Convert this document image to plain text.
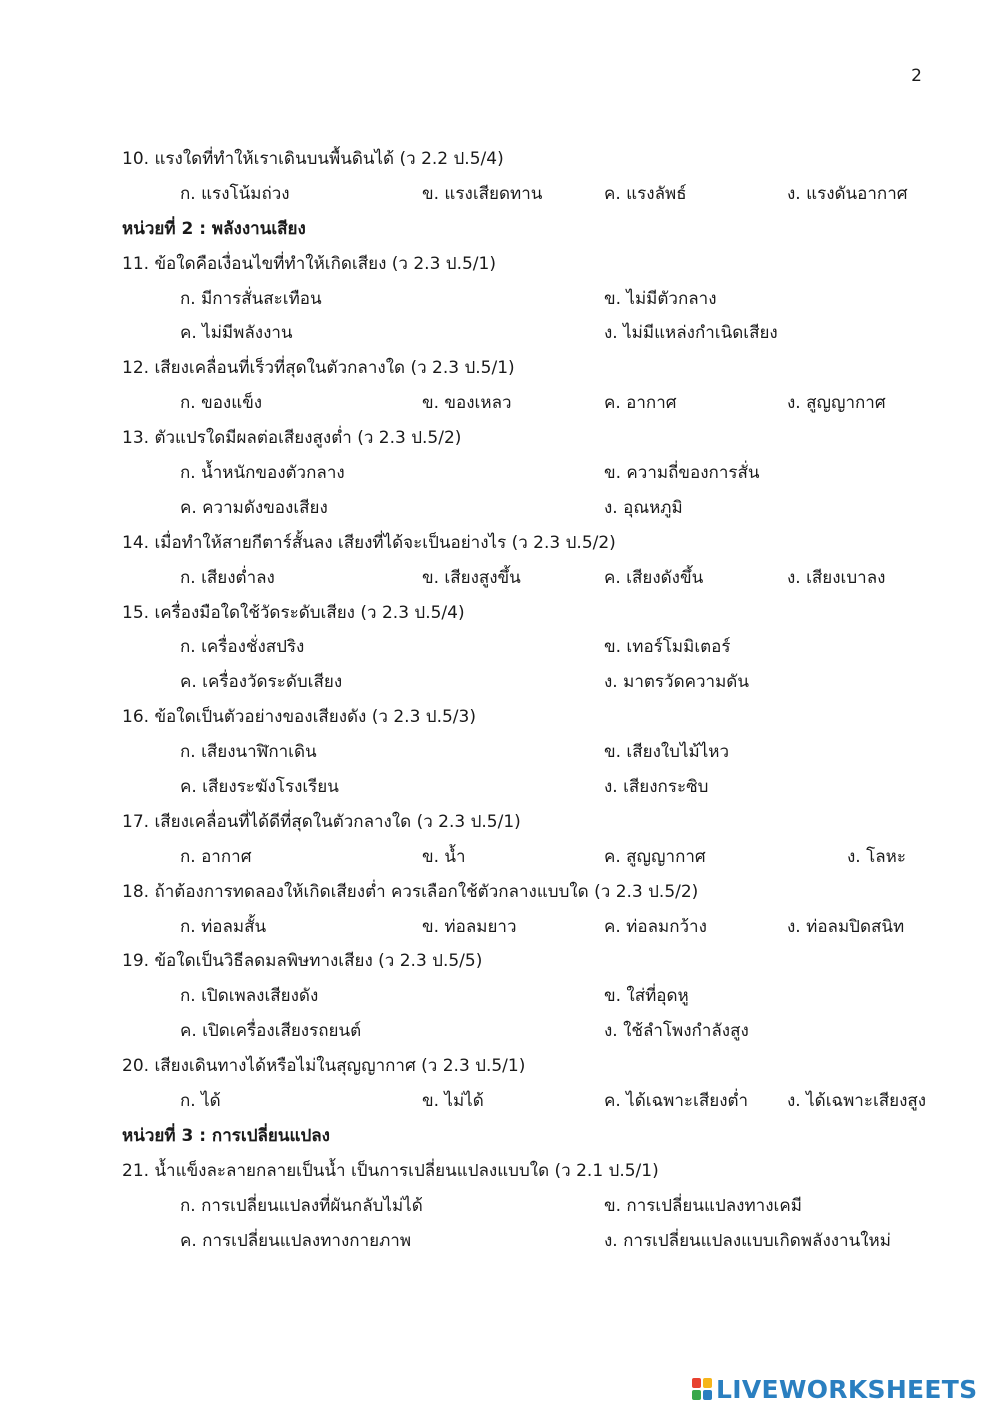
2
10. แรงใดที่ทำให้เราเดินบนพื้นดินได้ (ว 2.2 ป.5/4)
ก. แรงโน้มถ่วง	ข. แรงเสียดทาน	ค. แรงลัพธ์	ง. แรงดันอากาศ
หน่วยที่ 2 : พลังงานเสียง
11. ข้อใดคือเงื่อนไขที่ทำให้เกิดเสียง (ว 2.3 ป.5/1)
ก. มีการสั่นสะเทือน	ข. ไม่มีตัวกลาง
ค. ไม่มีพลังงาน	ง. ไม่มีแหล่งกำเนิดเสียง
12. เสียงเคลื่อนที่เร็วที่สุดในตัวกลางใด (ว 2.3 ป.5/1)
ก. ของแข็ง	ข. ของเหลว	ค. อากาศ	ง. สูญญากาศ
13. ตัวแปรใดมีผลต่อเสียงสูงต่ำ (ว 2.3 ป.5/2)
ก. น้ำหนักของตัวกลาง	ข. ความถี่ของการสั่น
ค. ความดังของเสียง	ง. อุณหภูมิ
14. เมื่อทำให้สายกีตาร์สั้นลง เสียงที่ได้จะเป็นอย่างไร (ว 2.3 ป.5/2)
ก. เสียงต่ำลง	ข. เสียงสูงขึ้น	ค. เสียงดังขึ้น	ง. เสียงเบาลง
15. เครื่องมือใดใช้วัดระดับเสียง (ว 2.3 ป.5/4)
ก. เครื่องชั่งสปริง	ข. เทอร์โมมิเตอร์
ค. เครื่องวัดระดับเสียง	ง. มาตรวัดความดัน
16. ข้อใดเป็นตัวอย่างของเสียงดัง (ว 2.3 ป.5/3)
ก. เสียงนาฬิกาเดิน	ข. เสียงใบไม้ไหว
ค. เสียงระฆังโรงเรียน	ง. เสียงกระซิบ
17. เสียงเคลื่อนที่ได้ดีที่สุดในตัวกลางใด (ว 2.3 ป.5/1)
ก. อากาศ	ข. น้ำ	ค. สูญญากาศ	ง. โลหะ
18. ถ้าต้องการทดลองให้เกิดเสียงต่ำ ควรเลือกใช้ตัวกลางแบบใด (ว 2.3 ป.5/2)
ก. ท่อลมสั้น	ข. ท่อลมยาว	ค. ท่อลมกว้าง	ง. ท่อลมปิดสนิท
19. ข้อใดเป็นวิธีลดมลพิษทางเสียง (ว 2.3 ป.5/5)
ก. เปิดเพลงเสียงดัง	ข. ใส่ที่อุดหู
ค. เปิดเครื่องเสียงรถยนต์	ง. ใช้ลำโพงกำลังสูง
20. เสียงเดินทางได้หรือไม่ในสุญญากาศ (ว 2.3 ป.5/1)
ก. ได้	ข. ไม่ได้	ค. ได้เฉพาะเสียงต่ำ ง. ได้เฉพาะเสียงสูง
หน่วยที่ 3 : การเปลี่ยนแปลง
21. น้ำแข็งละลายกลายเป็นน้ำ เป็นการเปลี่ยนแปลงแบบใด (ว 2.1 ป.5/1)
ก. การเปลี่ยนแปลงที่ผันกลับไม่ได้	ข. การเปลี่ยนแปลงทางเคมี
ค. การเปลี่ยนแปลงทางกายภาพ	ง. การเปลี่ยนแปลงแบบเกิดพลังงานใหม่
LIVEWORKSHEETS
